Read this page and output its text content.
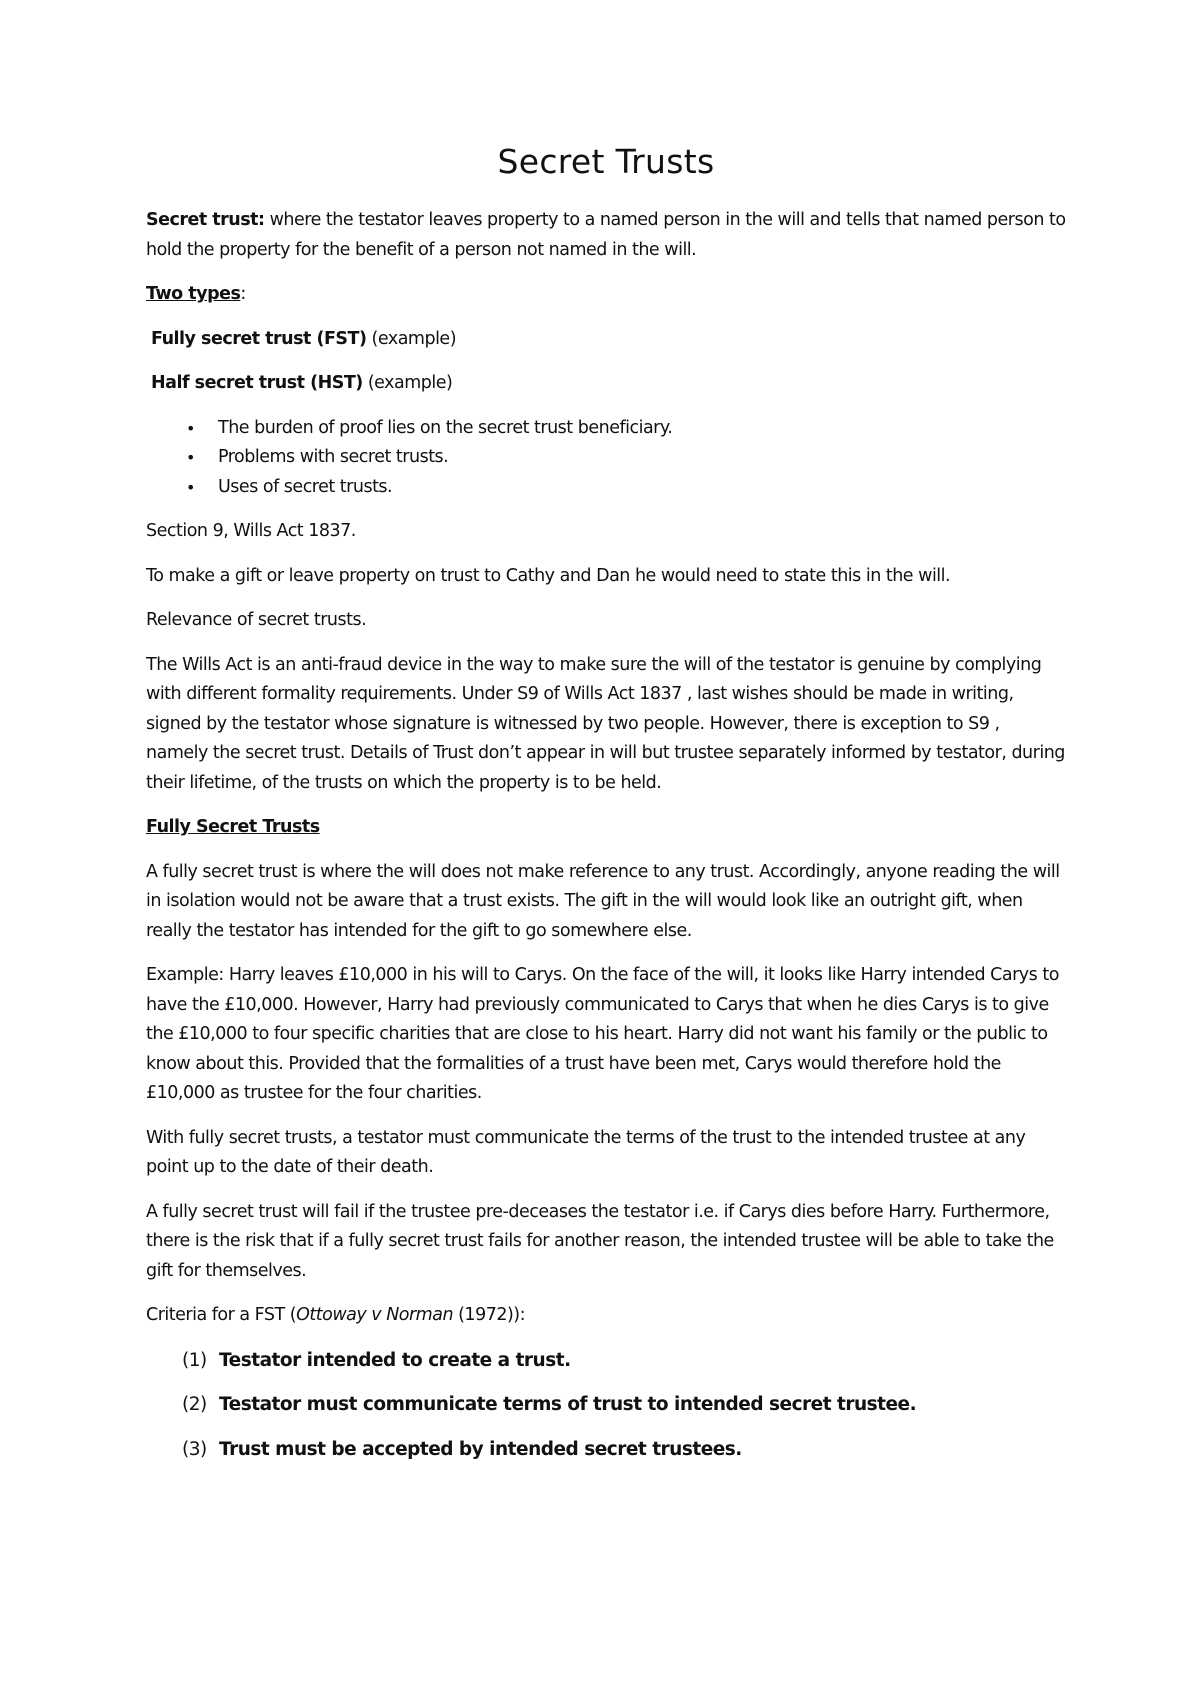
Secret Trusts

Secret trust: where the testator leaves property to a named person in the will and tells that named person to hold the property for the benefit of a person not named in the will.

Two types:

Fully secret trust (FST) (example)

Half secret trust (HST) (example)

• The burden of proof lies on the secret trust beneficiary.
• Problems with secret trusts.
• Uses of secret trusts.

Section 9, Wills Act 1837.

To make a gift or leave property on trust to Cathy and Dan he would need to state this in the will.

Relevance of secret trusts.

The Wills Act is an anti-fraud device in the way to make sure the will of the testator is genuine by complying with different formality requirements. Under S9 of Wills Act 1837 , last wishes should be made in writing, signed by the testator whose signature is witnessed by two people. However, there is exception to S9 , namely the secret trust. Details of Trust don’t appear in will but trustee separately informed by testator, during their lifetime, of the trusts on which the property is to be held.

Fully Secret Trusts

A fully secret trust is where the will does not make reference to any trust. Accordingly, anyone reading the will in isolation would not be aware that a trust exists. The gift in the will would look like an outright gift, when really the testator has intended for the gift to go somewhere else.

Example: Harry leaves £10,000 in his will to Carys. On the face of the will, it looks like Harry intended Carys to have the £10,000. However, Harry had previously communicated to Carys that when he dies Carys is to give the £10,000 to four specific charities that are close to his heart. Harry did not want his family or the public to know about this. Provided that the formalities of a trust have been met, Carys would therefore hold the £10,000 as trustee for the four charities.

With fully secret trusts, a testator must communicate the terms of the trust to the intended trustee at any point up to the date of their death.

A fully secret trust will fail if the trustee pre-deceases the testator i.e. if Carys dies before Harry. Furthermore, there is the risk that if a fully secret trust fails for another reason, the intended trustee will be able to take the gift for themselves.

Criteria for a FST (Ottoway v Norman (1972)):

(1) Testator intended to create a trust.
(2) Testator must communicate terms of trust to intended secret trustee.
(3) Trust must be accepted by intended secret trustees.
